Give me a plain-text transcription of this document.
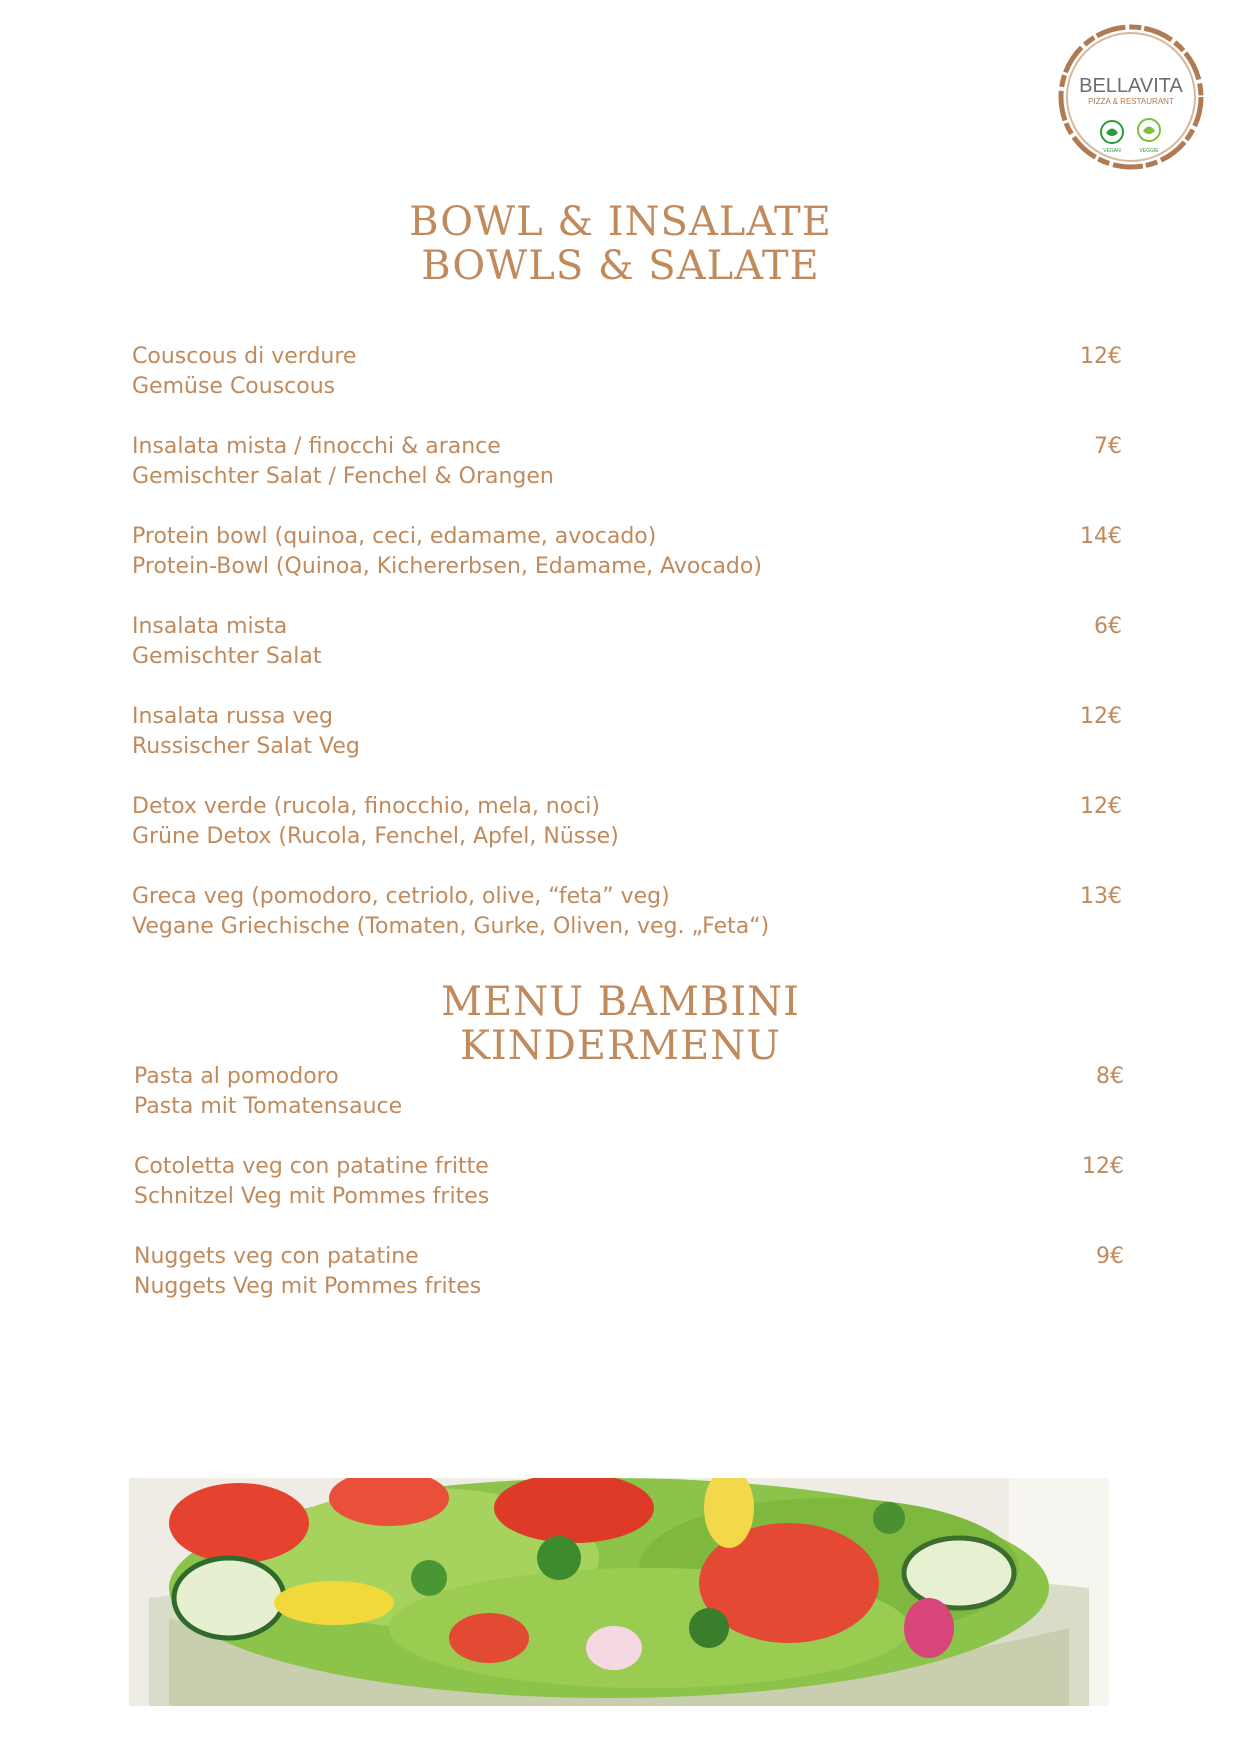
BELLAVITA
PIZZA & RESTAURANT
VEGAN	VEGGIE
BOWL & INSALATE
BOWLS & SALATE
Couscous di verdure
Gemüse Couscous
12€
Insalata mista / finocchi & arance
Gemischter Salat / Fenchel & Orangen
7€
Protein bowl (quinoa, ceci, edamame, avocado)
Protein-Bowl (Quinoa, Kichererbsen, Edamame, Avocado)
14€
Insalata mista
Gemischter Salat
6€
Insalata russa veg
Russischer Salat Veg
12€
Detox verde (rucola, finocchio, mela, noci)
Grüne Detox (Rucola, Fenchel, Apfel, Nüsse)
12€
Greca veg (pomodoro, cetriolo, olive, “feta” veg)
Vegane Griechische (Tomaten, Gurke, Oliven, veg. „Feta“)
13€
MENU BAMBINI
KINDERMENU
Pasta al pomodoro
Pasta mit Tomatensauce
8€
Cotoletta veg con patatine fritte
Schnitzel Veg mit Pommes frites
12€
Nuggets veg con patatine
Nuggets Veg mit Pommes frites
9€
